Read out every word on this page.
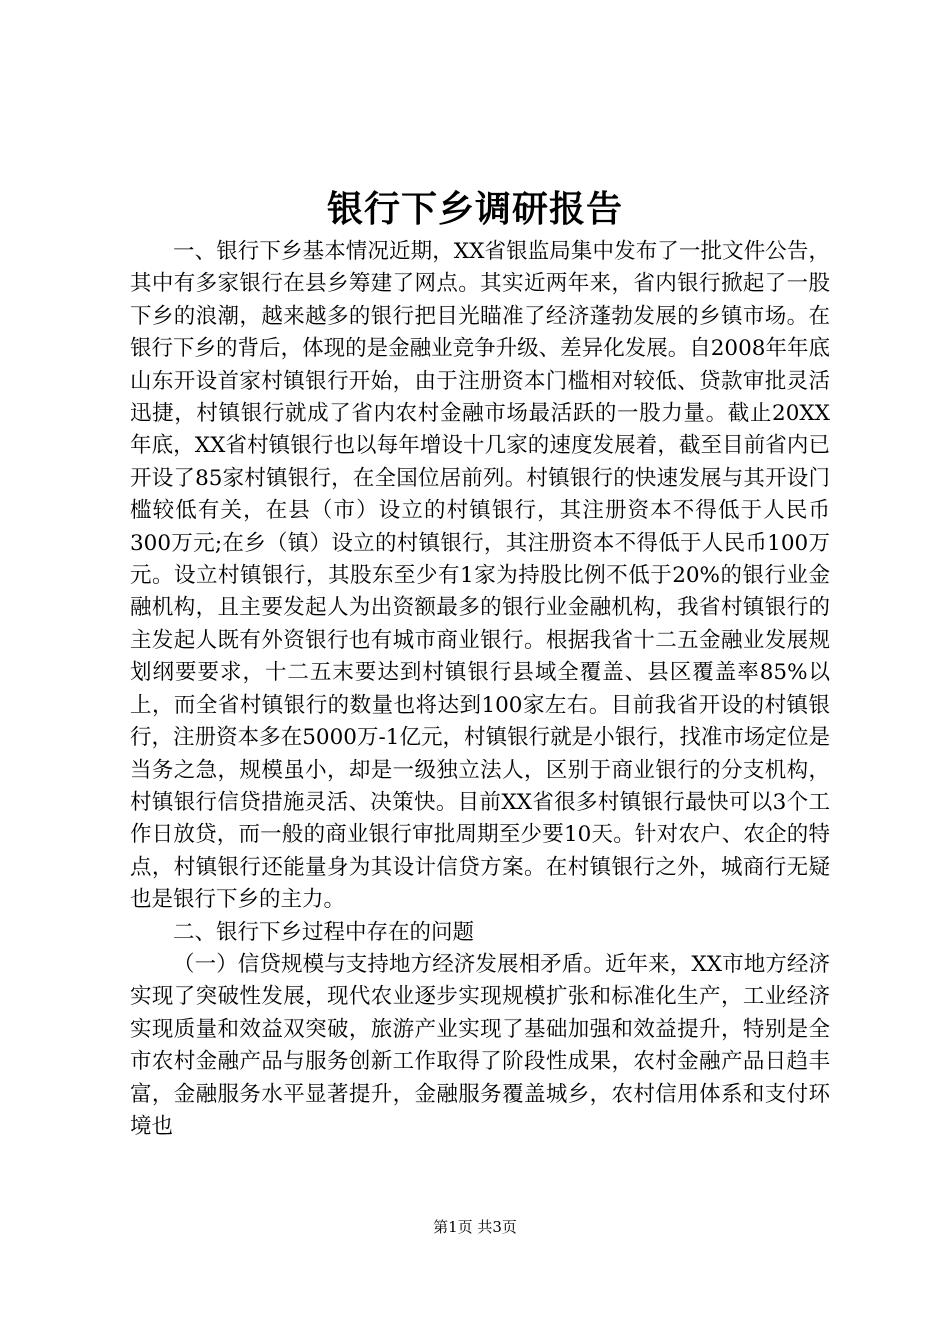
银行下乡调研报告

一、银行下乡基本情况近期，XX省银监局集中发布了一批文件公告，其中有多家银行在县乡筹建了网点。其实近两年来，省内银行掀起了一股下乡的浪潮，越来越多的银行把目光瞄准了经济蓬勃发展的乡镇市场。在银行下乡的背后，体现的是金融业竞争升级、差异化发展。自2008年年底山东开设首家村镇银行开始，由于注册资本门槛相对较低、贷款审批灵活迅捷，村镇银行就成了省内农村金融市场最活跃的一股力量。截止20XX年底，XX省村镇银行也以每年增设十几家的速度发展着，截至目前省内已开设了85家村镇银行，在全国位居前列。村镇银行的快速发展与其开设门槛较低有关，在县（市）设立的村镇银行，其注册资本不得低于人民币300万元;在乡（镇）设立的村镇银行，其注册资本不得低于人民币100万元。设立村镇银行，其股东至少有1家为持股比例不低于20%的银行业金融机构，且主要发起人为出资额最多的银行业金融机构，我省村镇银行的主发起人既有外资银行也有城市商业银行。根据我省十二五金融业发展规划纲要要求，十二五末要达到村镇银行县域全覆盖、县区覆盖率85%以上，而全省村镇银行的数量也将达到100家左右。目前我省开设的村镇银行，注册资本多在5000万-1亿元，村镇银行就是小银行，找准市场定位是当务之急，规模虽小，却是一级独立法人，区别于商业银行的分支机构，村镇银行信贷措施灵活、决策快。目前XX省很多村镇银行最快可以3个工作日放贷，而一般的商业银行审批周期至少要10天。针对农户、农企的特点，村镇银行还能量身为其设计信贷方案。在村镇银行之外，城商行无疑也是银行下乡的主力。

二、银行下乡过程中存在的问题

（一）信贷规模与支持地方经济发展相矛盾。近年来，XX市地方经济实现了突破性发展，现代农业逐步实现规模扩张和标准化生产，工业经济实现质量和效益双突破，旅游产业实现了基础加强和效益提升，特别是全市农村金融产品与服务创新工作取得了阶段性成果，农村金融产品日趋丰富，金融服务水平显著提升，金融服务覆盖城乡，农村信用体系和支付环境也

第1页 共3页
